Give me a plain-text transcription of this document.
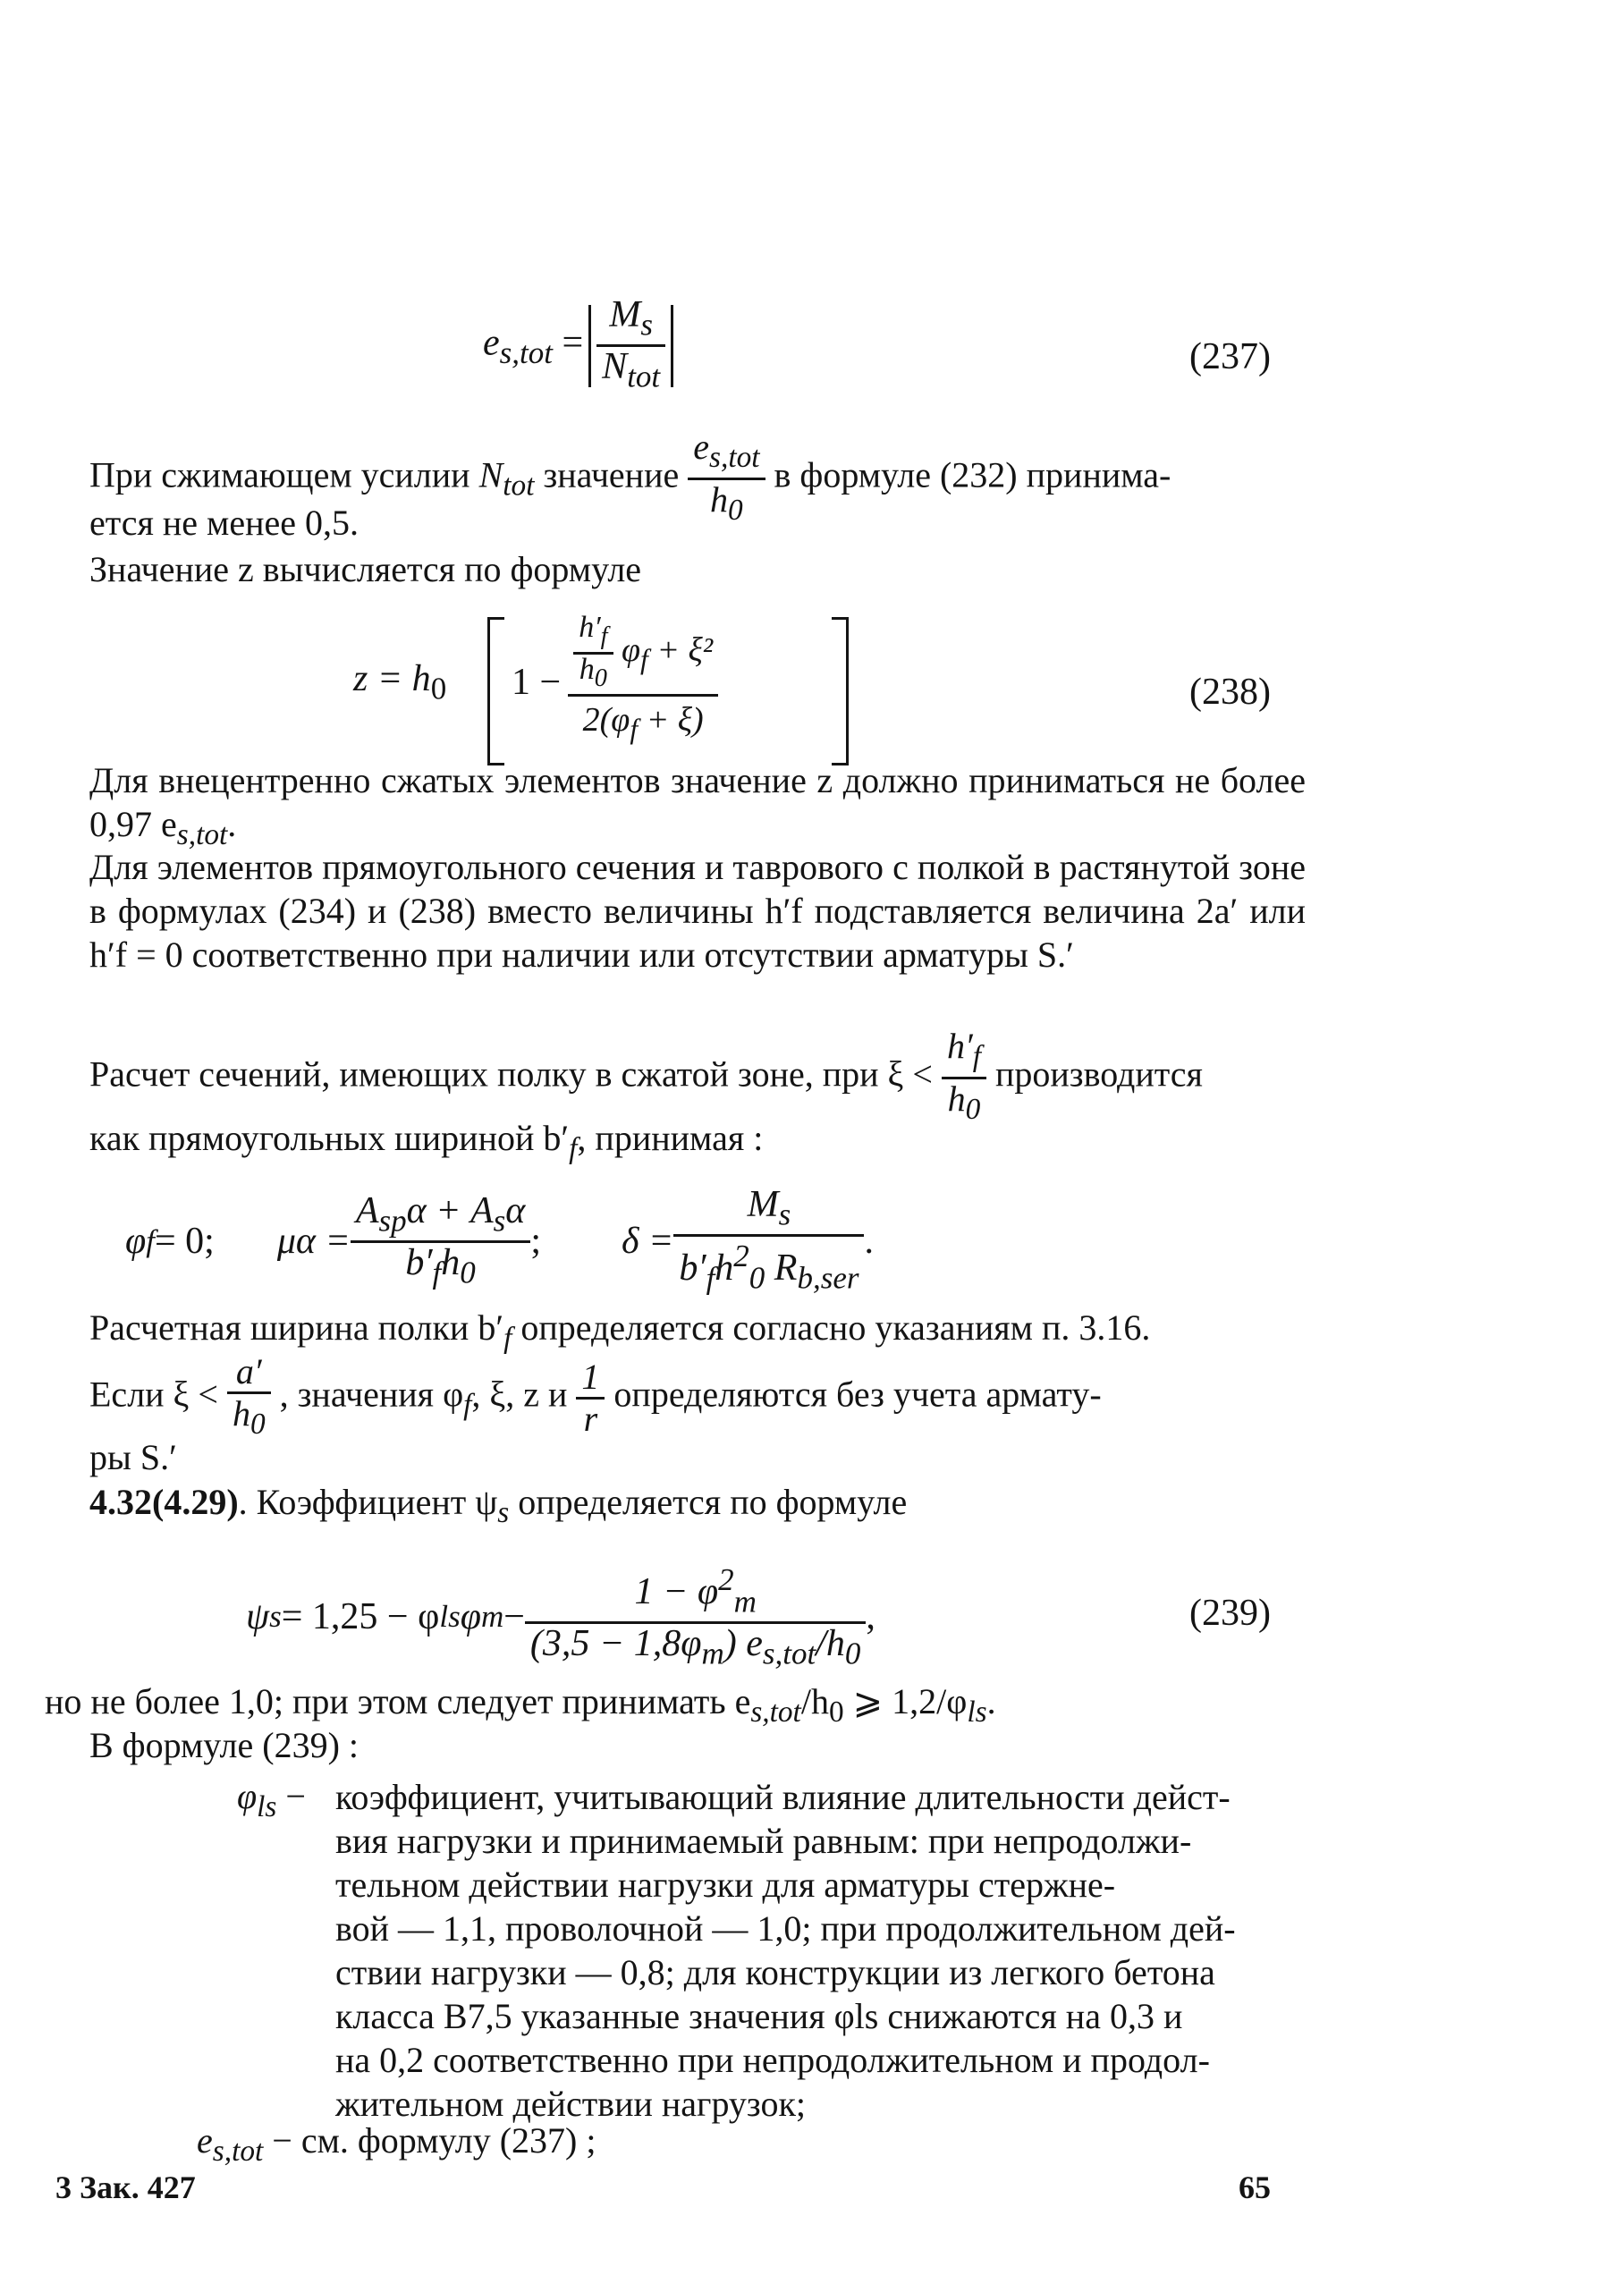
$e_{s,tot} = \frac{M_s}{N_{tot}}$	(237)
При сжимающем усилии $N_{tot}$ значение $\frac{e_{s,tot}}{h_0}$ в формуле (232) принима-
ется не менее 0,5.
Значение z вычисляется по формуле
$z = h_0$ $1 - \frac{\frac{h'_f}{h_0} \varphi_f + \xi^2}{2(\varphi_f + \xi)}$	(238)
Для внецентренно сжатых элементов значение z должно приниматься не более 0,97 $e_{s,tot}$.
Для элементов прямоугольного сечения и таврового с полкой в растянутой зоне в формулах (234) и (238) вместо величины h′f подставляется величина 2a′ или h′f = 0 соответственно при наличии или отсутствии арматуры S.′
Расчет сечений, имеющих полку в сжатой зоне, при $\xi < \frac{h'_f}{h_0}$ производится
как прямоугольных шириной $b'_f$, принимая :
φ f = 0; $\mu\alpha = \frac{A_{sp}\alpha + A_s\alpha}{b'_fh_0}$ ; $\delta = \frac{M_s}{b'_fh^2_0 R_{b,ser}}$ .
Расчетная ширина полки $b'_f$ определяется согласно указаниям п. 3.16.
Если $\xi < \frac{a'}{h_0}$ , значения $\varphi_f$, ξ, z и $\frac{1}{r}$ определяются без учета армату-
ры S.′
4.32(4.29). Коэффициент $\psi_s$ определяется по формуле
ψ s = 1,25 − φ ls φ $m - \frac{1 - \varphi^2_m}{(3,5 - 1,8\varphi_m) e_{s,tot}/h_0}$ ,	(239)
но не более 1,0; при этом следует принимать $e_{s,tot}/h_0$ ⩾ $1,2/\varphi_{ls}$.
В формуле (239) :
$\varphi_{ls}$ − коэффициент, учитывающий влияние длительности дейст-
вия нагрузки и принимаемый равным: при непродолжи-
тельном действии нагрузки для арматуры стержне-
вой — 1,1, проволочной — 1,0; при продолжительном дей-
ствии нагрузки — 0,8; для конструкции из легкого бетона
класса B7,5 указанные значения φls снижаются на 0,3 и
на 0,2 соответственно при непродолжительном и продол-
жительном действии нагрузок;
$e_{s,tot}$ − см. формулу (237) ;
3 Зак. 427	65
